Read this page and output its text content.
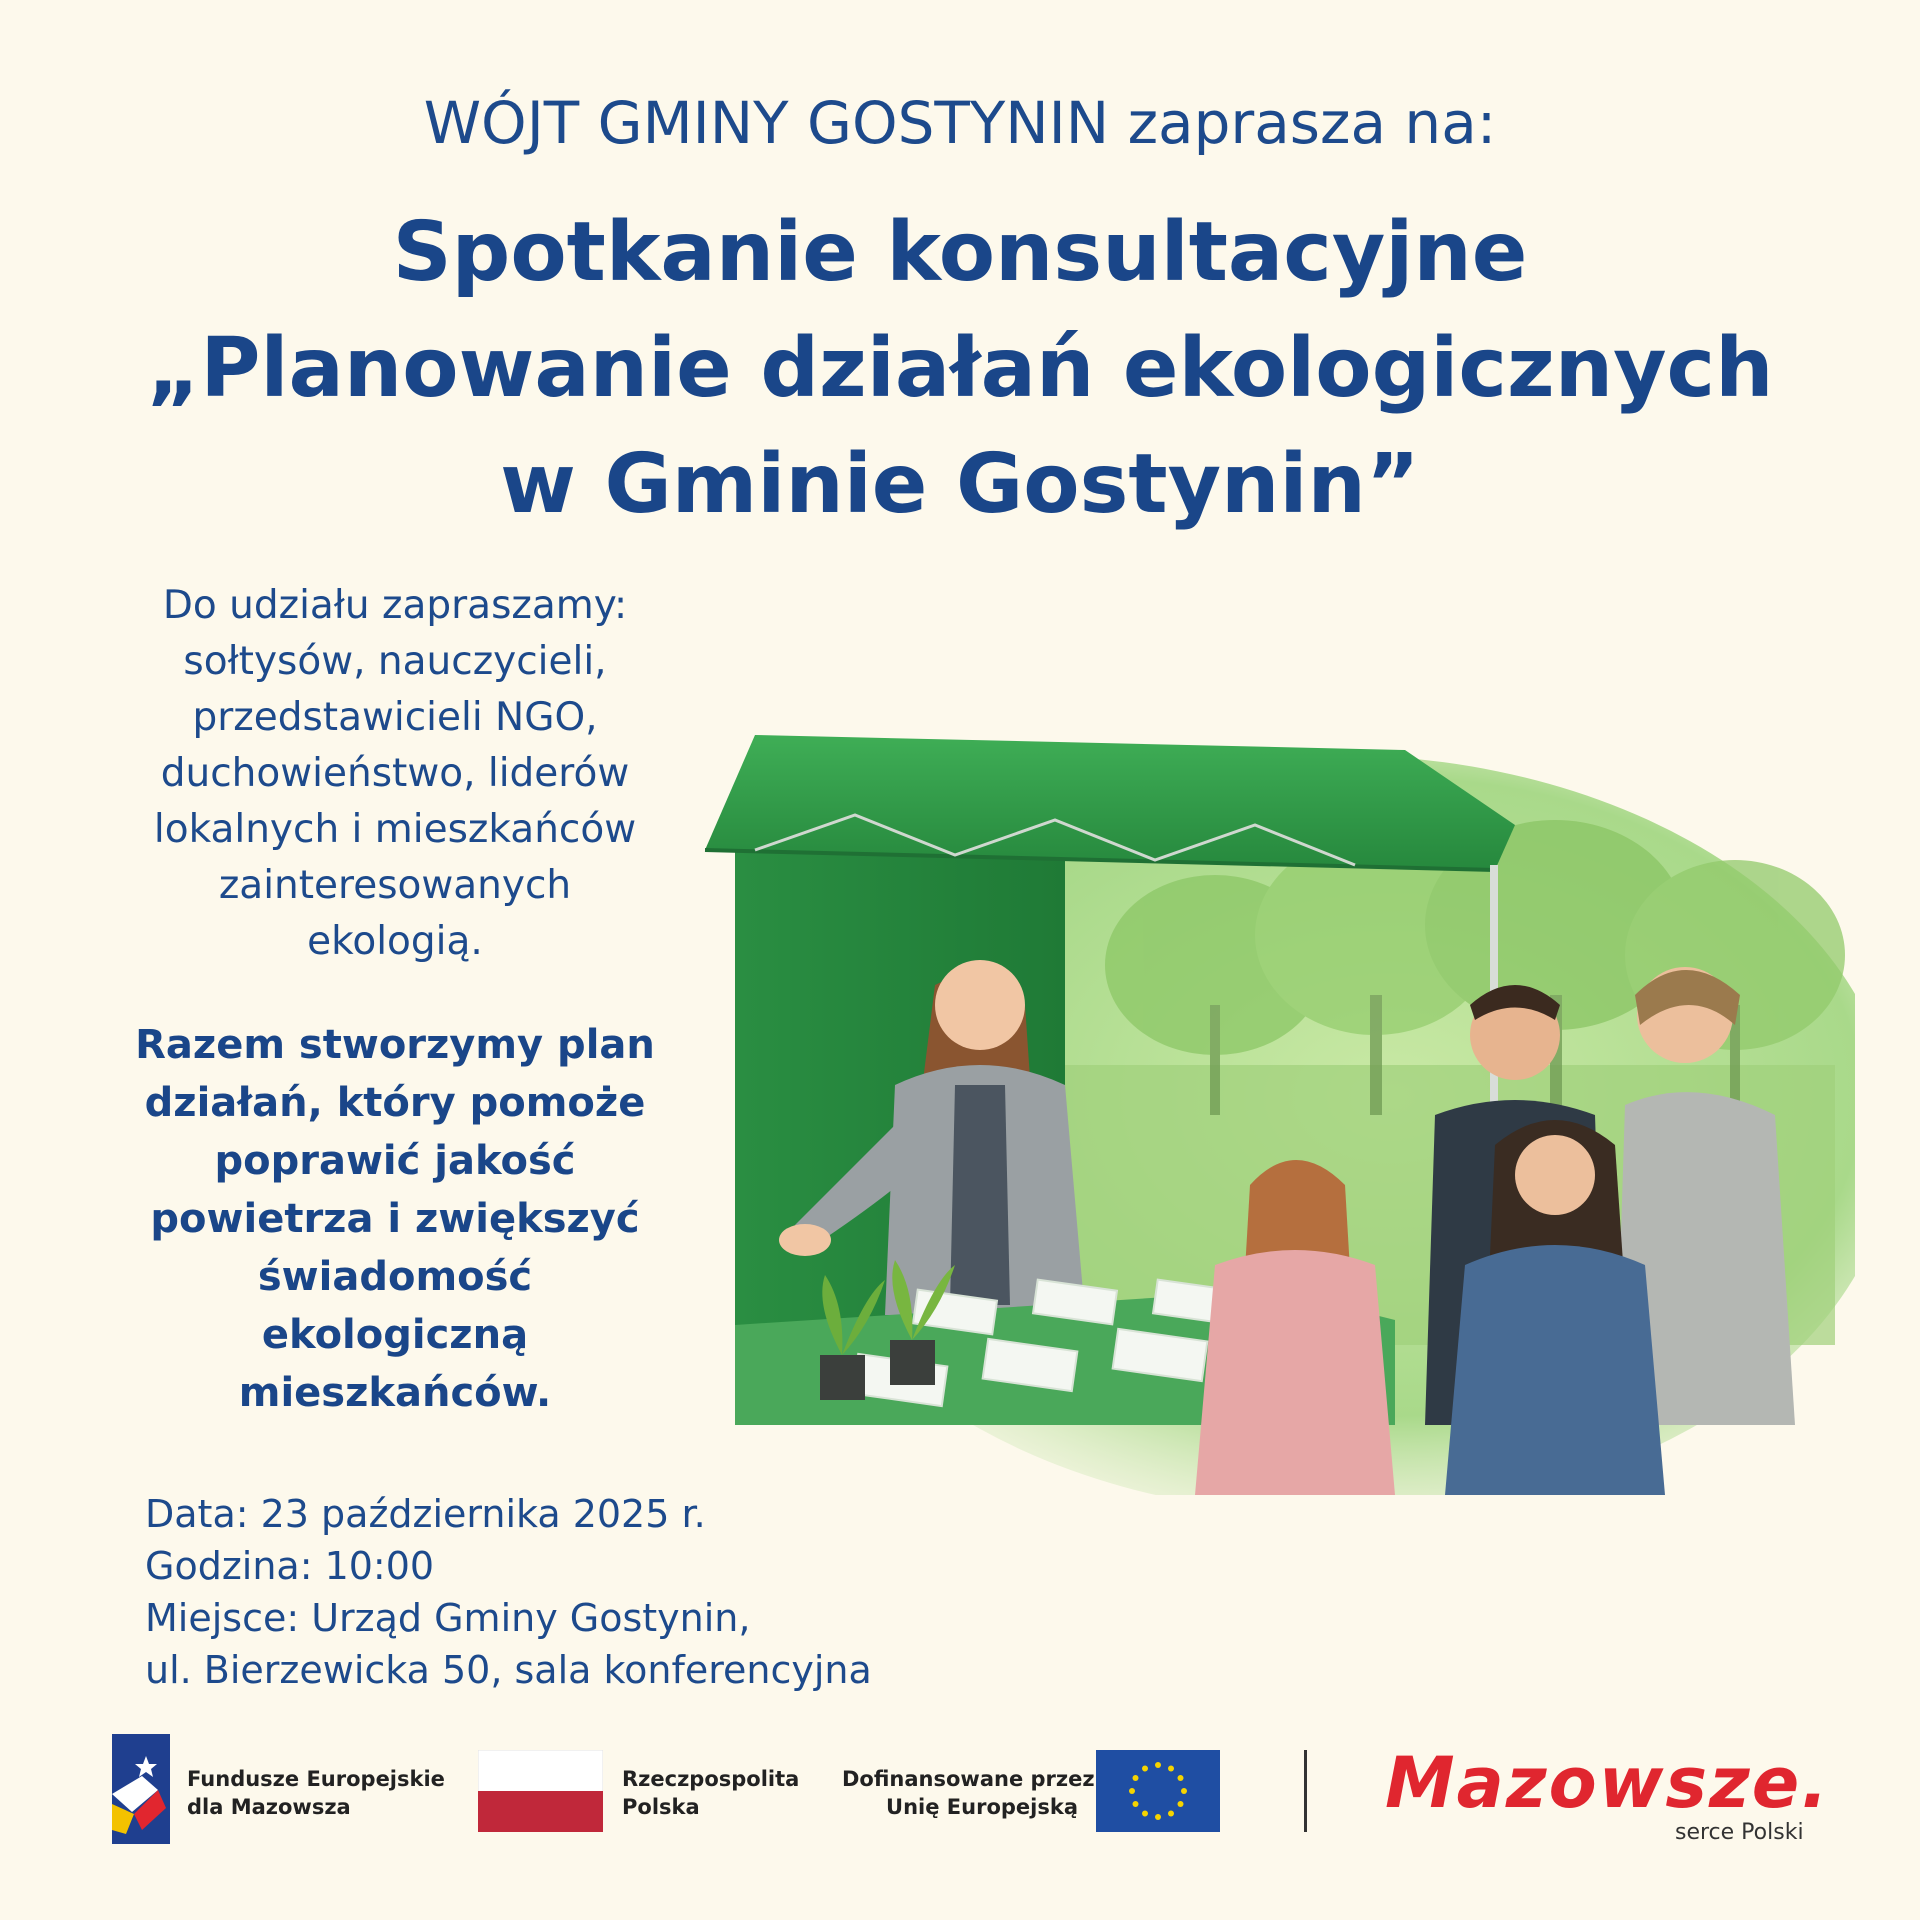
WÓJT GMINY GOSTYNIN zaprasza na:
Spotkanie konsultacyjne
„Planowanie działań ekologicznych
w Gminie Gostynin”
Do udziału zapraszamy:
sołtysów, nauczycieli,
przedstawicieli NGO,
duchowieństwo, liderów
lokalnych i mieszkańców
zainteresowanych
ekologią.
Razem stworzymy plan
działań, który pomoże
poprawić jakość
powietrza i zwiększyć
świadomość
ekologiczną
mieszkańców.
Data: 23 października 2025 r.
Godzina: 10:00
Miejsce: Urząd Gminy Gostynin,
ul. Bierzewicka 50, sala konferencyjna
Fundusze Europejskie
dla Mazowsza
Rzeczpospolita
Polska
Dofinansowane przez
Unię Europejską	Mazowsze.
serce Polski
